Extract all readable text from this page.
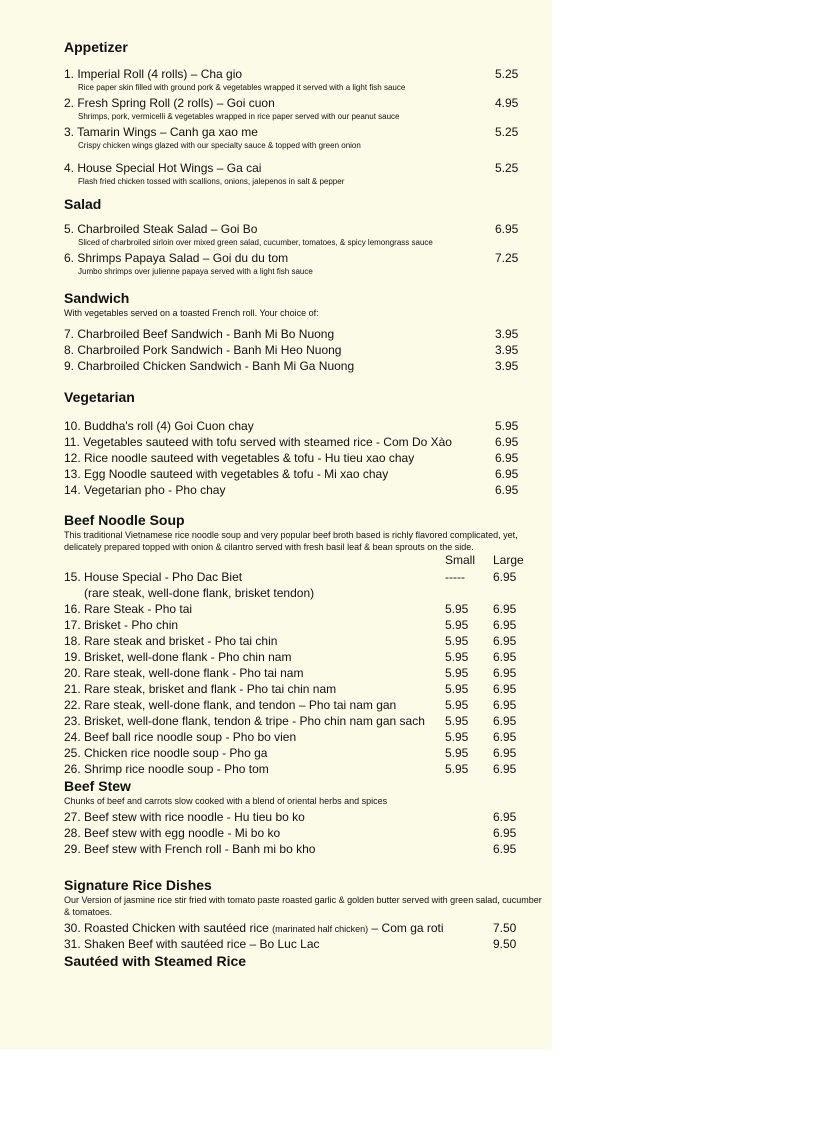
Appetizer
1. Imperial Roll (4 rolls) – Cha gio	5.25
Rice paper skin filled with ground pork & vegetables wrapped it served with a light fish sauce
2. Fresh Spring Roll (2 rolls) – Goi cuon	4.95
Shrimps, pork, vermicelli & vegetables wrapped in rice paper served with our peanut sauce
3. Tamarin Wings – Canh ga xao me	5.25
Crispy chicken wings glazed with our specialty sauce & topped with green onion
4. House Special Hot Wings – Ga cai	5.25
Flash fried chicken tossed with scallions, onions, jalepenos in salt & pepper
Salad
5. Charbroiled Steak Salad – Goi Bo	6.95
Sliced of charbroiled sirloin over mixed green salad, cucumber, tomatoes, & spicy lemongrass sauce
6. Shrimps Papaya Salad – Goi du du tom	7.25
Jumbo shrimps over julienne papaya served with a light fish sauce
Sandwich

With vegetables served on a toasted French roll. Your choice of:

7. Charbroiled Beef Sandwich - Banh Mi Bo Nuong	3.95
8. Charbroiled Pork Sandwich - Banh Mi Heo Nuong	3.95
9. Charbroiled Chicken Sandwich - Banh Mi Ga Nuong	3.95
Vegetarian
10. Buddha's roll (4) Goi Cuon chay	5.95
11. Vegetables sauteed with tofu served with steamed rice - Com Do Xào	6.95
12. Rice noodle sauteed with vegetables & tofu - Hu tieu xao chay	6.95
13. Egg Noodle sauteed with vegetables & tofu - Mi xao chay	6.95
14. Vegetarian pho - Pho chay	6.95
Beef Noodle Soup

This traditional Vietnamese rice noodle soup and very popular beef broth based is richly flavored complicated, yet, delicately prepared topped with onion & cilantro served with fresh basil leaf & bean sprouts on the side.

Small Large
15. House Special - Pho Dac Biet	----- 6.95
(rare steak, well-done flank, brisket tendon)
16. Rare Steak - Pho tai	5.95 6.95
17. Brisket - Pho chin	5.95 6.95
18. Rare steak and brisket - Pho tai chin	5.95 6.95
19. Brisket, well-done flank - Pho chin nam	5.95 6.95
20. Rare steak, well-done flank - Pho tai nam	5.95 6.95
21. Rare steak, brisket and flank - Pho tai chin nam	5.95 6.95
22. Rare steak, well-done flank, and tendon – Pho tai nam gan	5.95 6.95
23. Brisket, well-done flank, tendon & tripe - Pho chin nam gan sach 5.95 6.95
24. Beef ball rice noodle soup - Pho bo vien	5.95 6.95
25. Chicken rice noodle soup - Pho ga	5.95 6.95
26. Shrimp rice noodle soup - Pho tom	5.95 6.95
Beef Stew

Chunks of beef and carrots slow cooked with a blend of oriental herbs and spices

27. Beef stew with rice noodle - Hu tieu bo ko	6.95
28. Beef stew with egg noodle - Mi bo ko	6.95
29. Beef stew with French roll - Banh mi bo kho	6.95
Signature Rice Dishes

Our Version of jasmine rice stir fried with tomato paste roasted garlic & golden butter served with green salad, cucumber & tomatoes.

30. Roasted Chicken with sautéed rice (marinated half chicken) – Com ga roti	7.50
31. Shaken Beef with sautéed rice – Bo Luc Lac	9.50
Sautéed with Steamed Rice
